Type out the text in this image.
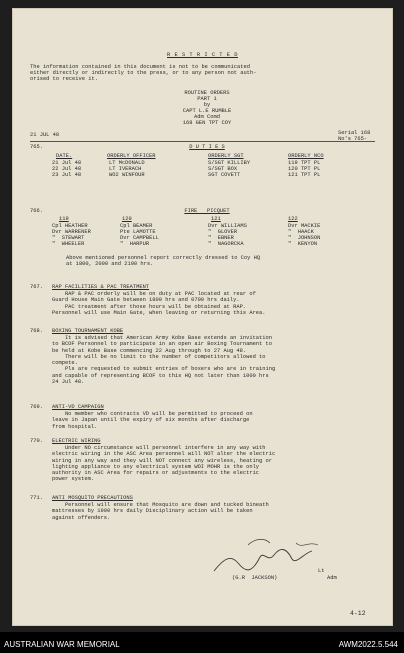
R E S T R I C T E D
The information contained in this document is not to be communicated
either directly or indirectly to the press, or to any person not auth-
orised to receive it.
ROUTINE ORDERS
PART 1
by
CAPT L.E RUMBLE
Adm Comd
168 GEN TPT COY
21 JUL 48	Serial 168
No's 765-
765.	D U T I E S
DATE.	ORDERLY OFFICER	ORDERLY SGT	ORDERLY NCO
21 Jul 48	LT McDONALD	S/SGT KILLIBY	119 TPT PL
22 Jul 48	LT IVERACH	S/SGT BOX	120 TPT PL
23 Jul 48	WO2 WINFOUR	SGT COVETT	121 TPT PL
766.	FIRE   PICQUET
119	120	121	122
Cpl HEATHER	Cpl BEAMER	Dvr WILLIAMS	Dvr MACKIE
Dvr WARRENER	Pte LAMOTTE	"  GLOVER	"  HAACK
"  STEWART	Dvr CAMPBELL	"  EBNER	"  JOHNSON
"  WHEELER	"  HARPUR	"  NAGORCKA	"  KENYON
Above mentioned personnel report correctly dressed to Coy HQ
at 1800, 2000 and 2100 hrs.
767. RAP FACILITIES & PAC TREATMENT
RAP & PAC orderly will be on duty at PAC located at rear of
Guard House Main Gate between 1800 hrs and 0700 hrs daily.
PAC treatment after those hours will be obtained at RAP.
Personnel will use Main Gate, when leaving or returning this Area.
768. BOXING TOURNAMENT KOBE
It is advised that American Army Kobe Base extends an invitation
to BCOF Personnel to participate in an open air Boxing Tournament to
be held at Kobe Base commencing 22 Aug through to 27 Aug 48.
There will be no limit to the number of competitors allowed to
compete.
Pls are requested to submit entries of boxers who are in training
and capable of representing BCOF to this HQ not later than 1000 hrs
24 Jul 48.
769. ANTI-VD CAMPAIGN
No member who contracts VD will be permitted to proceed on
leave in Japan until the expiry of six months after discharge
from hospital.
770. ELECTRIC WIRING
Under NO circumstance will personnel interfere in any way with
electric wiring in the ASC Area personnel will NOT alter the electric
wiring in any way and they will NOT connect any wireless, heating or
lighting appliance to any electrical system WOI MOHR is the only
authority in ASC Area for repairs or adjustments to the electric
power system.
771. ANTI MOSQUITO PRECAUTIONS
Personnel will ensure that Mosquito are down and tucked bineath
mattresses by 1900 hrs daily Disciplinary action will be taken
against offenders.
Lt
(G.R  JACKSON)	Adm
4-12
AUSTRALIAN WAR MEMORIAL	AWM2022.5.544
